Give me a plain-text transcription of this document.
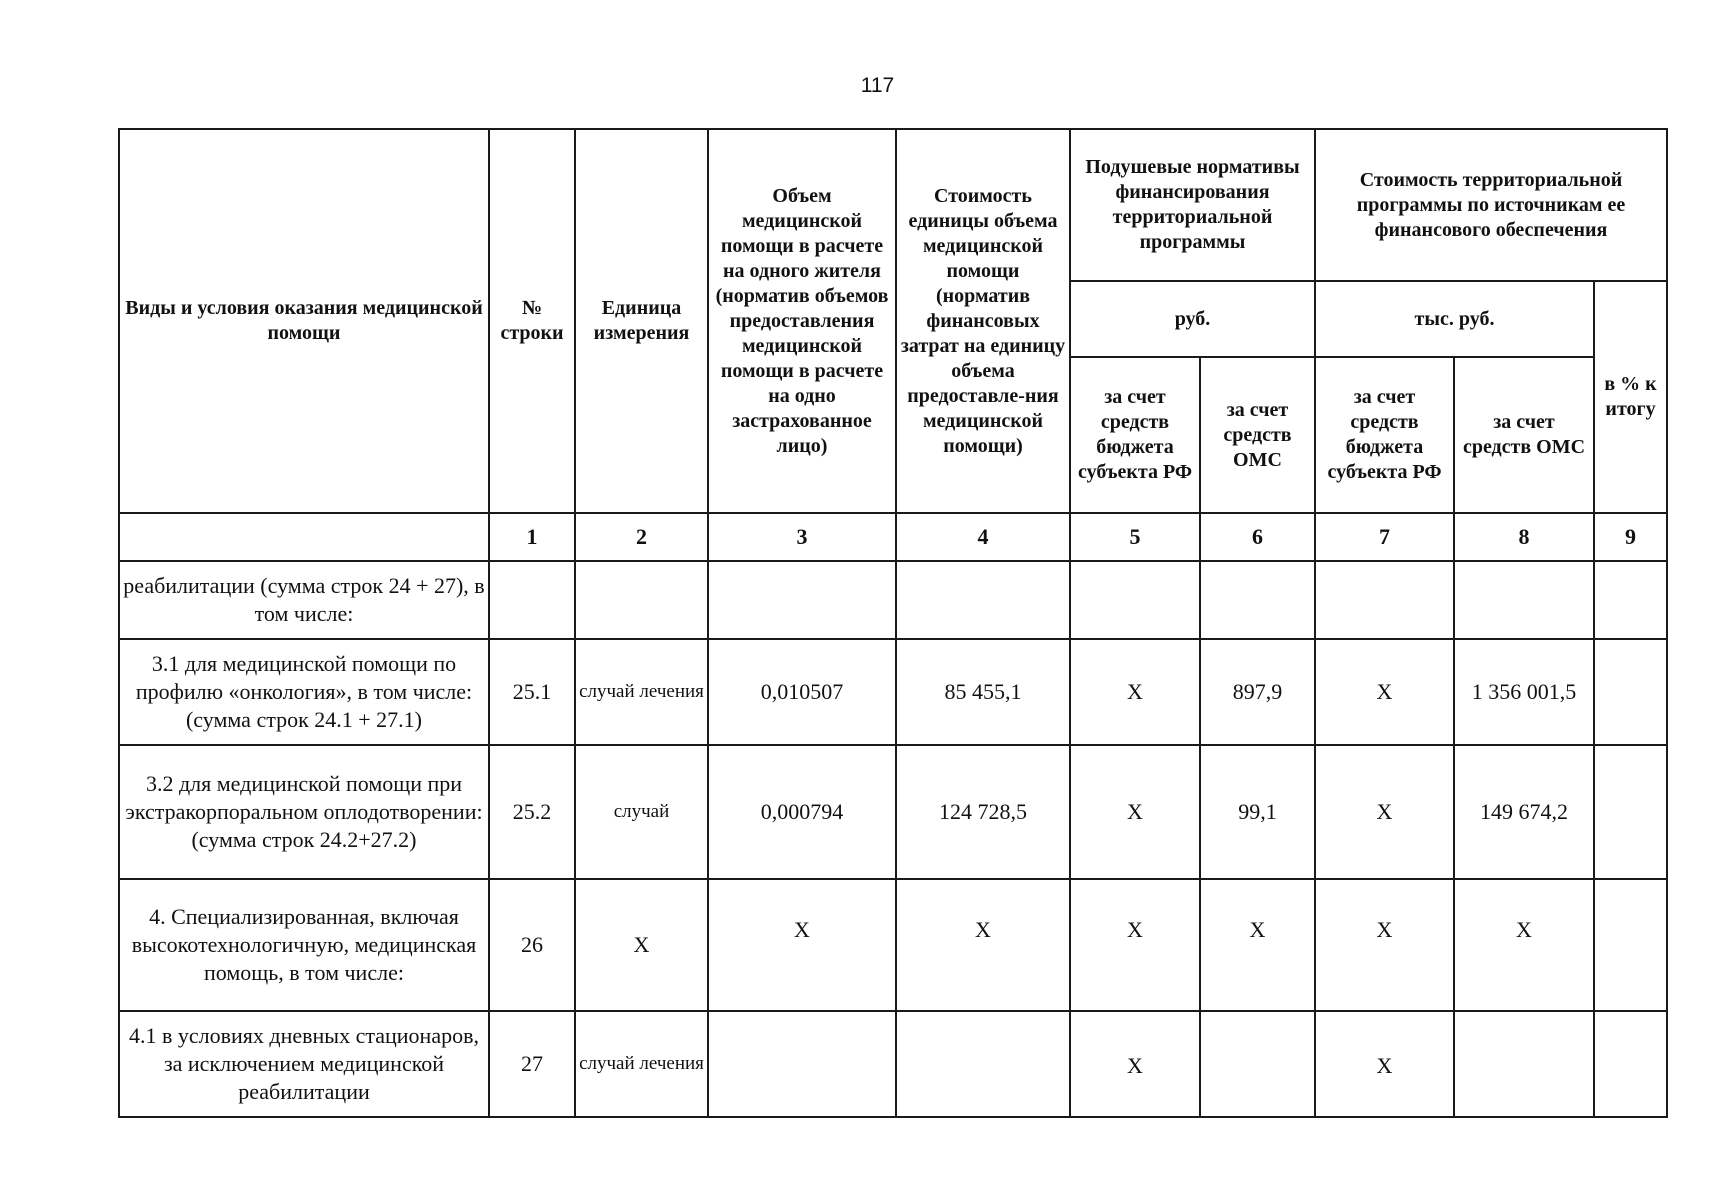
117
Виды и условия оказания медицинской помощи	№ строки	Единица измерения	Объем медицинской помощи в расчете на одного жителя (норматив объемов предоставления медицинской помощи в расчете на одно застрахованное лицо)	Стоимость единицы объема медицинской помощи (норматив финансовых затрат на единицу объема предоставле-ния медицинской помощи)	Подушевые нормативы финансирования территориальной программы		Стоимость территориальной программы по источникам ее финансового обеспечения		
					руб.		тыс. руб.		в % к итогу
					за счет средств бюджета субъекта РФ	за счет средств ОМС	за счет средств бюджета субъекта РФ	за счет средств ОМС	
	1	2	3	4	5	6	7	8	9
реабилитации (сумма строк 24 + 27), в том числе:									
3.1 для медицинской помощи по профилю «онкология», в том числе: (сумма строк 24.1 + 27.1)	25.1	случай лечения	0,010507	85 455,1	X	897,9	X	1 356 001,5	
3.2 для медицинской помощи при экстракорпоральном оплодотворении: (сумма строк 24.2+27.2)	25.2	случай	0,000794	124 728,5	X	99,1	X	149 674,2	
4. Специализированная, включая высокотехнологичную, медицинская помощь, в том числе:	26	X	X	X	X	X	X	X	
4.1 в условиях дневных стационаров, за исключением медицинской реабилитации	27	случай лечения			X		X		
